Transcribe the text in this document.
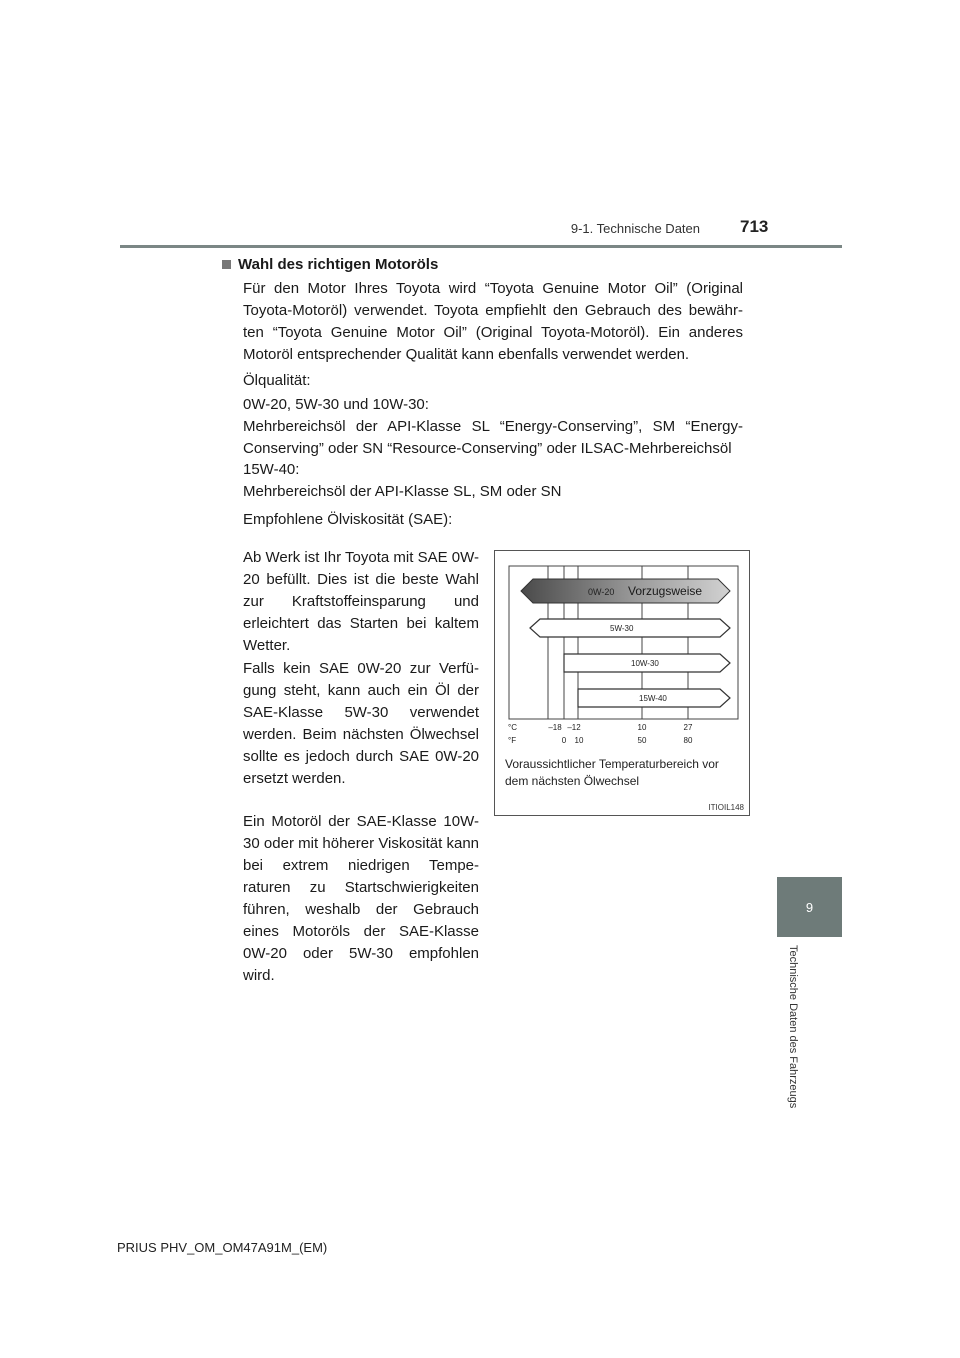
9-1. Technische Daten 713
9
Technische Daten des Fahrzeugs
Wahl des richtigen Motoröls
Für den Motor Ihres Toyota wird “Toyota Genuine Motor Oil” (Original Toyota-Motoröl) verwendet. Toyota empfiehlt den Gebrauch des bewähr-ten “Toyota Genuine Motor Oil” (Original Toyota-Motoröl). Ein anderes Motoröl entsprechender Qualität kann ebenfalls verwendet werden.
Ölqualität:
0W-20, 5W-30 und 10W-30:
Mehrbereichsöl der API-Klasse SL “Energy-Conserving”, SM “Energy-Conserving” oder SN “Resource-Conserving” oder ILSAC-Mehrbereichsöl
15W-40:
Mehrbereichsöl der API-Klasse SL, SM oder SN
Empfohlene Ölviskosität (SAE):
Ab Werk ist Ihr Toyota mit SAE 0W-20 befüllt. Dies ist die beste Wahl zur Kraftstoffeinsparung und erleichtert das Starten bei kaltem Wetter.
Falls kein SAE 0W-20 zur Verfü-gung steht, kann auch ein Öl der SAE-Klasse 5W-30 verwendet werden. Beim nächsten Ölwechsel sollte es jedoch durch SAE 0W-20 ersetzt werden.
Ein Motoröl der SAE-Klasse 10W-30 oder mit höherer Viskosität kann bei extrem niedrigen Tempe-raturen zu Startschwierigkeiten führen, weshalb der Gebrauch eines Motoröls der SAE-Klasse 0W-20 oder 5W-30 empfohlen wird.
0W-20 Vorzugsweise
5W-30
10W-30
15W-40
°C
°F
–18 –12	10	27
0 10	50	80
Voraussichtlicher Temperaturbereich vor dem nächsten Ölwechsel
ITIOIL148
PRIUS PHV_OM_OM47A91M_(EM)
